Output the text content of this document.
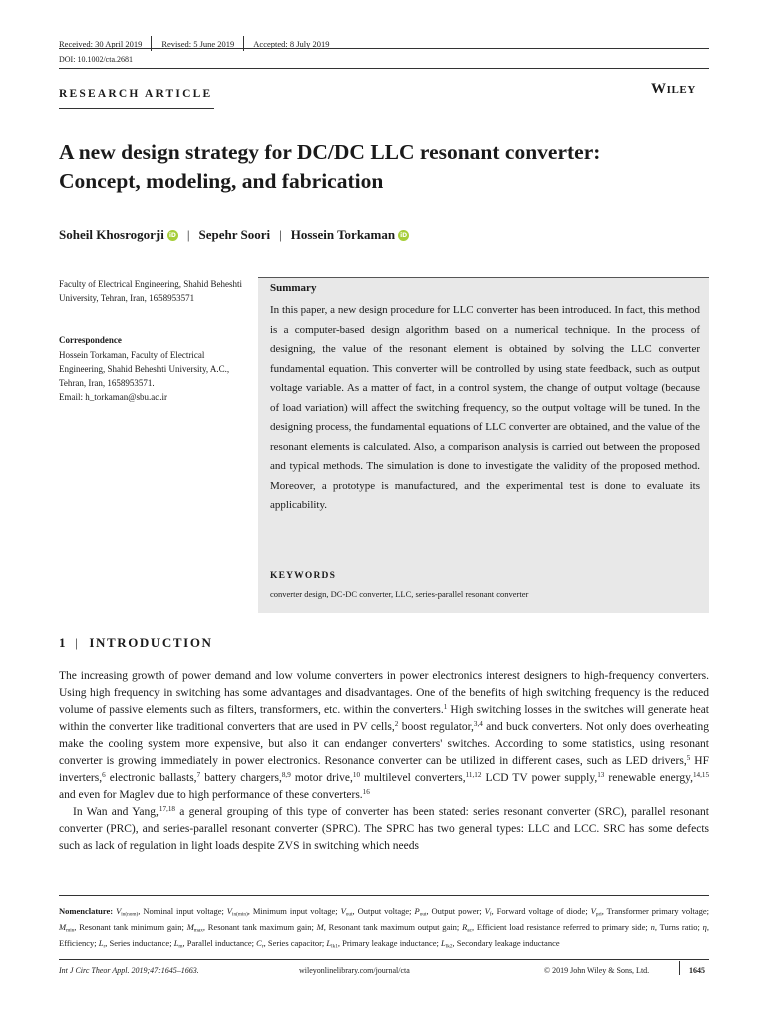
Received: 30 April 2019 Revised: 5 June 2019 Accepted: 8 July 2019
DOI: 10.1002/cta.2681
RESEARCH ARTICLE	Wiley
A new design strategy for DC/DC LLC resonant converter:
Concept, modeling, and fabrication
Soheil Khosrogorji iD | Sepehr Soori | Hossein Torkaman iD
Faculty of Electrical Engineering, Shahid Beheshti University, Tehran, Iran, 1658953571
Correspondence
Hossein Torkaman, Faculty of Electrical Engineering, Shahid Beheshti University, A.C., Tehran, Iran, 1658953571.
Email: h_torkaman@sbu.ac.ir
Summary
In this paper, a new design procedure for LLC converter has been introduced. In fact, this method is a computer-based design algorithm based on a numerical technique. In the process of designing, the value of the resonant element is obtained by solving the LLC converter fundamental equation. This converter will be controlled by using state feedback, such as output voltage variable. As a matter of fact, in a control system, the change of output voltage (because of load variation) will affect the switching frequency, so the output voltage will be tuned. In the designing process, the fundamental equations of LLC converter are obtained, and the value of the resonant elements is calculated. Also, a comparison analysis is carried out between the proposed and typical methods. The simulation is done to investigate the validity of the proposed method. Moreover, a prototype is manufactured, and the experimental test is done to evaluate its applicability.
KEYWORDS
converter design, DC-DC converter, LLC, series-parallel resonant converter
1 | INTRODUCTION

The increasing growth of power demand and low volume converters in power electronics interest designers to high-frequency converters. Using high frequency in switching has some advantages and disadvantages. One of the benefits of high switching frequency is the reduced volume of passive elements such as filters, transformers, etc. within the converters.$^1$ High switching losses in the switches will generate heat within the converter like traditional converters that are used in PV cells,$^2$ boost regulator,$^{3,4}$ and buck converters. Not only does overheating make the cooling system more expensive, but also it can endanger converters' switches. According to some statistics, using resonant converter is growing immediately in power electronics. Resonance converter can be utilized in different cases, such as LED drivers,$^5$ HF inverters,$^6$ electronic ballasts,$^7$ battery chargers,$^{8,9}$ motor drive,$^{10}$ multilevel converters,$^{11,12}$ LCD TV power supply,$^{13}$ renewable energy,$^{14,15}$ and even for Maglev due to high performance of these converters.$^{16}$

In Wan and Yang,$^{17,18}$ a general grouping of this type of converter has been stated: series resonant converter (SRC), parallel resonant converter (PRC), and series-parallel resonant converter (SPRC). The SPRC has two general types: LLC and LCC. SRC has some defects such as lack of regulation in light loads despite ZVS in switching which needs

Nomenclature: $V_{in(nom)}$, Nominal input voltage; $V_{in(min)}$, Minimum input voltage; $V_{out}$, Output voltage; $P_{out}$, Output power; $V_f$, Forward voltage of diode; $V_{pri}$, Transformer primary voltage; $M_{min}$, Resonant tank minimum gain; $M_{max}$, Resonant tank maximum gain; M, Resonant tank maximum output gain; $R_{ac}$, Efficient load resistance referred to primary side; n, Turns ratio; η, Efficiency; $L_r$, Series inductance; $L_m$, Parallel inductance; $C_r$, Series capacitor; $L_{lk1}$, Primary leakage inductance; $L_{lk2}$, Secondary leakage inductance
Int J Circ Theor Appl. 2019;47:1645–1663.	wileyonlinelibrary.com/journal/cta	© 2019 John Wiley & Sons, Ltd.	1645
